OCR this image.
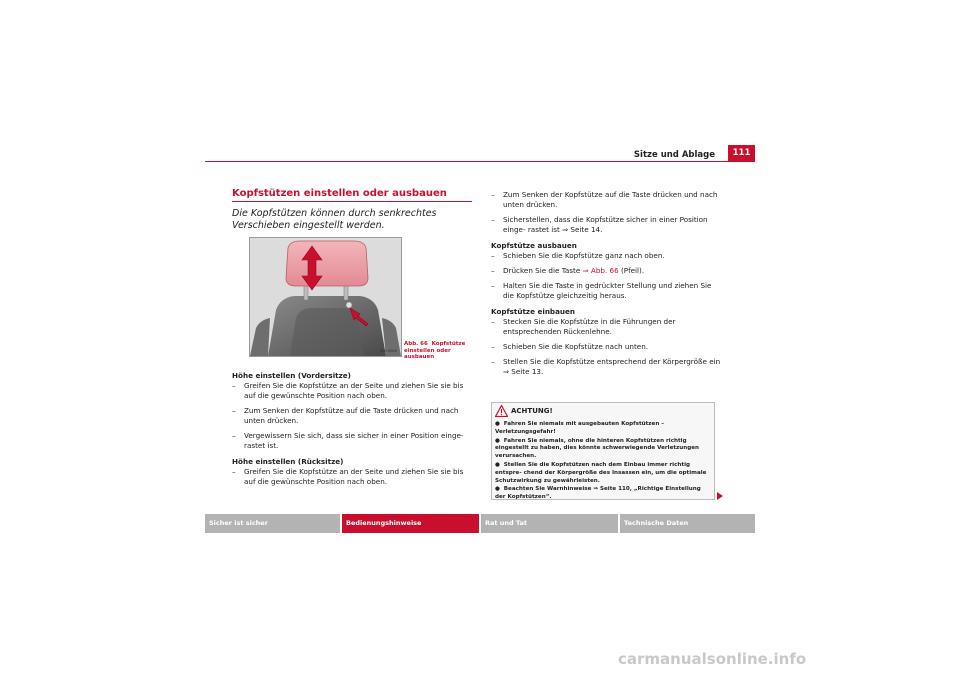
Sitze und Ablage	111
Kopfstützen einstellen oder ausbauen
Die Kopfstützen können durch senkrechtes Verschieben eingestellt werden.
B5F-0066
Abb. 66 Kopfstütze einstellen oder ausbauen
Höhe einstellen (Vordersitze)

– Greifen Sie die Kopfstütze an der Seite und ziehen Sie sie bis auf die gewünschte Position nach oben.

– Zum Senken der Kopfstütze auf die Taste drücken und nach unten drücken.

– Vergewissern Sie sich, dass sie sicher in einer Position einge- rastet ist.

Höhe einstellen (Rücksitze)

– Greifen Sie die Kopfstütze an der Seite und ziehen Sie sie bis auf die gewünschte Position nach oben.

– Zum Senken der Kopfstütze auf die Taste drücken und nach unten drücken.

– Sicherstellen, dass die Kopfstütze sicher in einer Position einge- rastet ist ⇒ Seite 14.

Kopfstütze ausbauen

– Schieben Sie die Kopfstütze ganz nach oben.

– Drücken Sie die Taste ⇒ Abb. 66 (Pfeil).

– Halten Sie die Taste in gedrückter Stellung und ziehen Sie die Kopfstütze gleichzeitig heraus.

Kopfstütze einbauen

– Stecken Sie die Kopfstütze in die Führungen der entsprechenden Rückenlehne.

– Schieben Sie die Kopfstütze nach unten.

– Stellen Sie die Kopfstütze entsprechend der Körpergröße ein ⇒ Seite 13.

ACHTUNG!

●  Fahren Sie niemals mit ausgebauten Kopfstützen – Verletzungsgefahr!

●  Fahren Sie niemals, ohne die hinteren Kopfstützen richtig eingestellt zu haben, dies könnte schwerwiegende Verletzungen verursachen.

●  Stellen Sie die Kopfstützen nach dem Einbau immer richtig entspre- chend der Körpergröße des Insassen ein, um die optimale Schutzwirkung zu gewährleisten.

●  Beachten Sie Warnhinweise ⇒ Seite 110, „Richtige Einstellung der Kopfstützen“.

Sicher ist sicher	Bedienungshinweise	Rat und Tat	Technische Daten
carmanualsonline.info
